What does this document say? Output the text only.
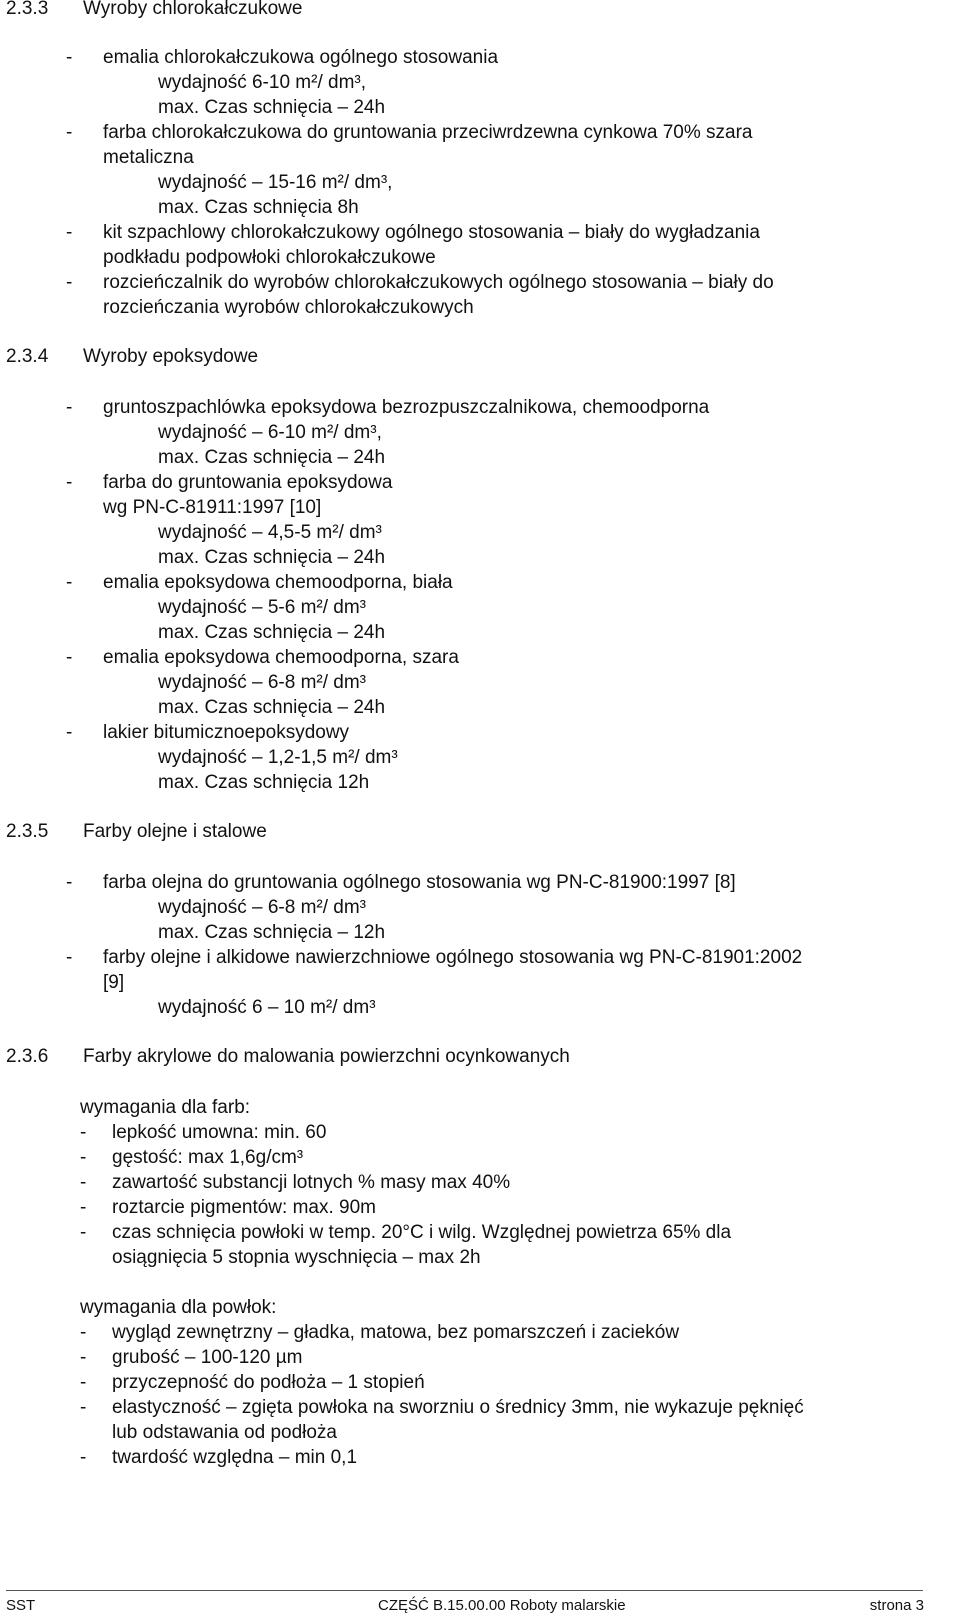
2.3.3 Wyroby chlorokałczukowe
- emalia chlorokałczukowa ogólnego stosowania
wydajność 6-10 m²/ dm³,
max. Czas schnięcia – 24h
- farba chlorokałczukowa do gruntowania przeciwrdzewna cynkowa 70% szara
metaliczna
wydajność – 15-16 m²/ dm³,
max. Czas schnięcia 8h
- kit szpachlowy chlorokałczukowy ogólnego stosowania – biały do wygładzania
podkładu podpowłoki chlorokałczukowe
- rozcieńczalnik do wyrobów chlorokałczukowych ogólnego stosowania – biały do
rozcieńczania wyrobów chlorokałczukowych
2.3.4 Wyroby epoksydowe
- gruntoszpachlówka epoksydowa bezrozpuszczalnikowa, chemoodporna
wydajność – 6-10 m²/ dm³,
max. Czas schnięcia – 24h
- farba do gruntowania epoksydowa
wg PN-C-81911:1997 [10]
wydajność – 4,5-5 m²/ dm³
max. Czas schnięcia – 24h
- emalia epoksydowa chemoodporna, biała
wydajność – 5-6 m²/ dm³
max. Czas schnięcia – 24h
- emalia epoksydowa chemoodporna, szara
wydajność – 6-8 m²/ dm³
max. Czas schnięcia – 24h
- lakier bitumicznoepoksydowy
wydajność – 1,2-1,5 m²/ dm³
max. Czas schnięcia 12h
2.3.5 Farby olejne i stalowe
- farba olejna do gruntowania ogólnego stosowania wg PN-C-81900:1997 [8]
wydajność – 6-8 m²/ dm³
max. Czas schnięcia – 12h
- farby olejne i alkidowe nawierzchniowe ogólnego stosowania wg PN-C-81901:2002
[9]
wydajność 6 – 10 m²/ dm³
2.3.6 Farby akrylowe do malowania powierzchni ocynkowanych
wymagania dla farb:
- lepkość umowna: min. 60
- gęstość: max 1,6g/cm³
- zawartość substancji lotnych % masy max 40%
- roztarcie pigmentów: max. 90m
- czas schnięcia powłoki w temp. 20°C i wilg. Względnej powietrza 65% dla
osiągnięcia 5 stopnia wyschnięcia – max 2h
wymagania dla powłok:
- wygląd zewnętrzny – gładka, matowa, bez pomarszczeń i zacieków
- grubość – 100-120 µm
- przyczepność do podłoża – 1 stopień
- elastyczność – zgięta powłoka na sworzniu o średnicy 3mm, nie wykazuje pęknięć
lub odstawania od podłoża
- twardość względna – min 0,1
SST	CZĘŚĆ B.15.00.00 Roboty malarskie	strona 3
